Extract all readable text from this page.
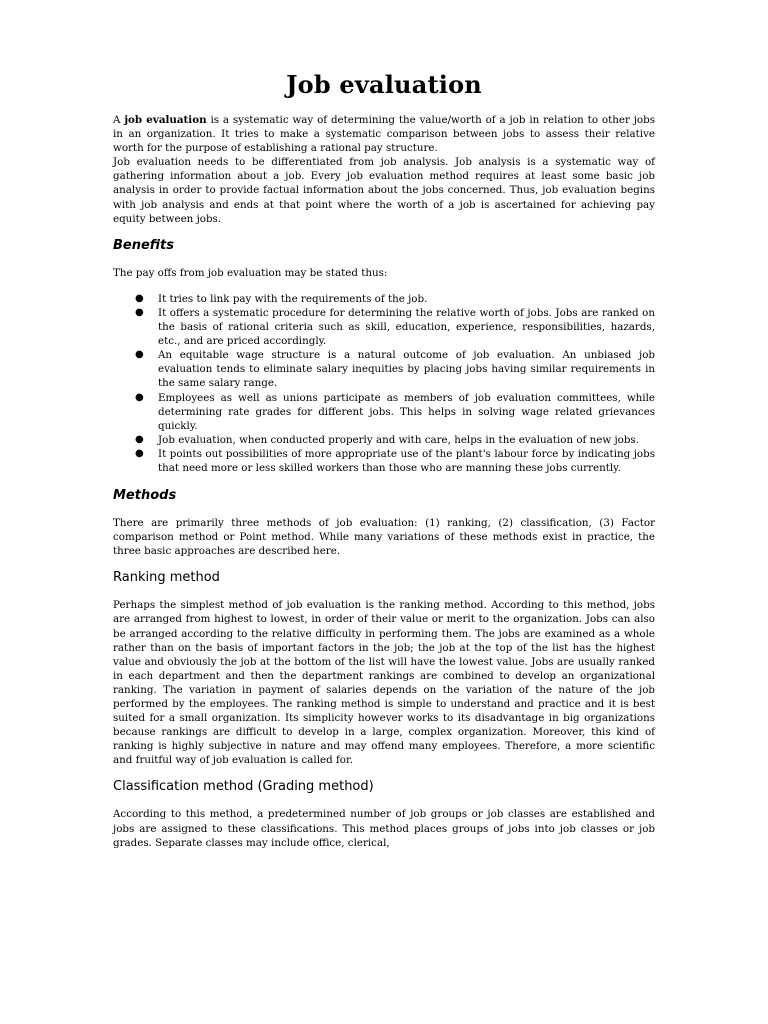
Job evaluation

A job evaluation is a systematic way of determining the value/worth of a job in relation to other jobs in an organization. It tries to make a systematic comparison between jobs to assess their relative worth for the purpose of establishing a rational pay structure.

Job evaluation needs to be differentiated from job analysis. Job analysis is a systematic way of gathering information about a job. Every job evaluation method requires at least some basic job analysis in order to provide factual information about the jobs concerned. Thus, job evaluation begins with job analysis and ends at that point where the worth of a job is ascertained for achieving pay equity between jobs.

Benefits

The pay offs from job evaluation may be stated thus:

● It tries to link pay with the requirements of the job.
● It offers a systematic procedure for determining the relative worth of jobs. Jobs are ranked on the basis of rational criteria such as skill, education, experience, responsibilities, hazards, etc., and are priced accordingly.
● An equitable wage structure is a natural outcome of job evaluation. An unbiased job evaluation tends to eliminate salary inequities by placing jobs having similar requirements in the same salary range.
● Employees as well as unions participate as members of job evaluation committees, while determining rate grades for different jobs. This helps in solving wage related grievances quickly.
● Job evaluation, when conducted properly and with care, helps in the evaluation of new jobs.
● It points out possibilities of more appropriate use of the plant's labour force by indicating jobs that need more or less skilled workers than those who are manning these jobs currently.
Methods

There are primarily three methods of job evaluation: (1) ranking, (2) classification, (3) Factor comparison method or Point method. While many variations of these methods exist in practice, the three basic approaches are described here.

Ranking method

Perhaps the simplest method of job evaluation is the ranking method. According to this method, jobs are arranged from highest to lowest, in order of their value or merit to the organization. Jobs can also be arranged according to the relative difficulty in performing them. The jobs are examined as a whole rather than on the basis of important factors in the job; the job at the top of the list has the highest value and obviously the job at the bottom of the list will have the lowest value. Jobs are usually ranked in each department and then the department rankings are combined to develop an organizational ranking. The variation in payment of salaries depends on the variation of the nature of the job performed by the employees. The ranking method is simple to understand and practice and it is best suited for a small organization. Its simplicity however works to its disadvantage in big organizations because rankings are difficult to develop in a large, complex organization. Moreover, this kind of ranking is highly subjective in nature and may offend many employees. Therefore, a more scientific and fruitful way of job evaluation is called for.

Classification method (Grading method)

According to this method, a predetermined number of job groups or job classes are established and jobs are assigned to these classifications. This method places groups of jobs into job classes or job grades. Separate classes may include office, clerical,
